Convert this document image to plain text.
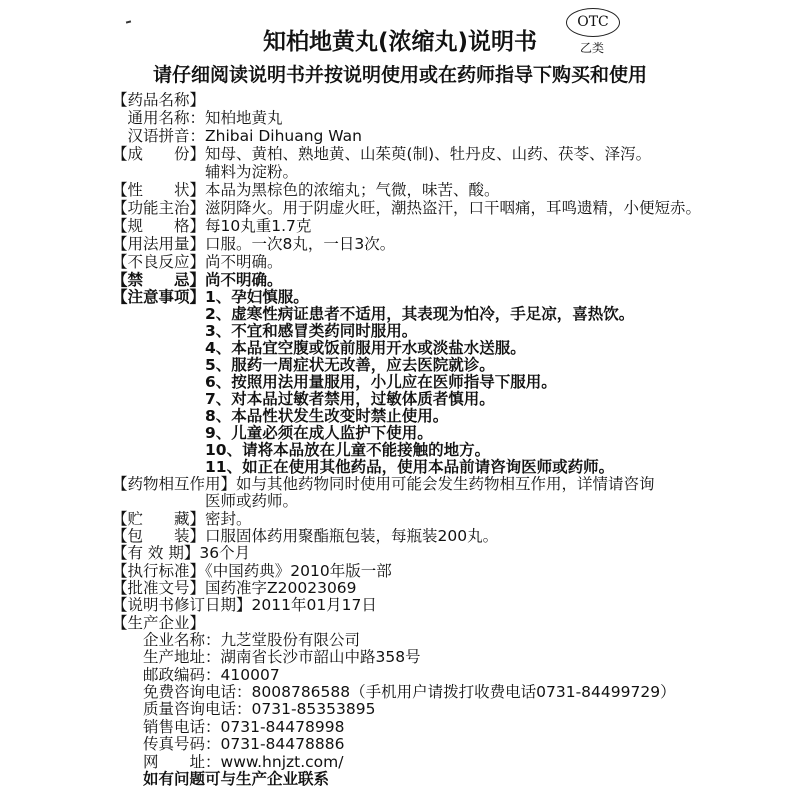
知柏地黄丸(浓缩丸)说明书
OTC
乙类
请仔细阅读说明书并按说明使用或在药师指导下购买和使用
【药品名称】
通用名称：知柏地黄丸
汉语拼音：Zhibai Dihuang Wan
【成　　份】知母、黄柏、熟地黄、山茱萸(制)、牡丹皮、山药、茯苓、泽泻。
辅料为淀粉。
【性　　状】本品为黑棕色的浓缩丸；气微，味苦、酸。
【功能主治】滋阴降火。用于阴虚火旺，潮热盗汗，口干咽痛，耳鸣遗精，小便短赤。
【规　　格】每10丸重1.7克
【用法用量】口服。一次8丸，一日3次。
【不良反应】尚不明确。
【禁　　忌】尚不明确。
【注意事项】1、孕妇慎服。
2、虚寒性病证患者不适用，其表现为怕冷，手足凉，喜热饮。
3、不宜和感冒类药同时服用。
4、本品宜空腹或饭前服用开水或淡盐水送服。
5、服药一周症状无改善，应去医院就诊。
6、按照用法用量服用，小儿应在医师指导下服用。
7、对本品过敏者禁用，过敏体质者慎用。
8、本品性状发生改变时禁止使用。
9、儿童必须在成人监护下使用。
10、请将本品放在儿童不能接触的地方。
11、如正在使用其他药品，使用本品前请咨询医师或药师。
【药物相互作用】如与其他药物同时使用可能会发生药物相互作用，详情请咨询
医师或药师。
【贮　　藏】密封。
【包　　装】口服固体药用聚酯瓶包装，每瓶装200丸。
【有 效 期】36个月
【执行标准】《中国药典》2010年版一部
【批准文号】国药准字Z20023069
【说明书修订日期】2011年01月17日
【生产企业】
企业名称：九芝堂股份有限公司
生产地址：湖南省长沙市韶山中路358号
邮政编码：410007
免费咨询电话：8008786588（手机用户请拨打收费电话0731-84499729）
质量咨询电话：0731-85353895
销售电话：0731-84478998
传真号码：0731-84478886
网　　址：www.hnjzt.com/
如有问题可与生产企业联系
